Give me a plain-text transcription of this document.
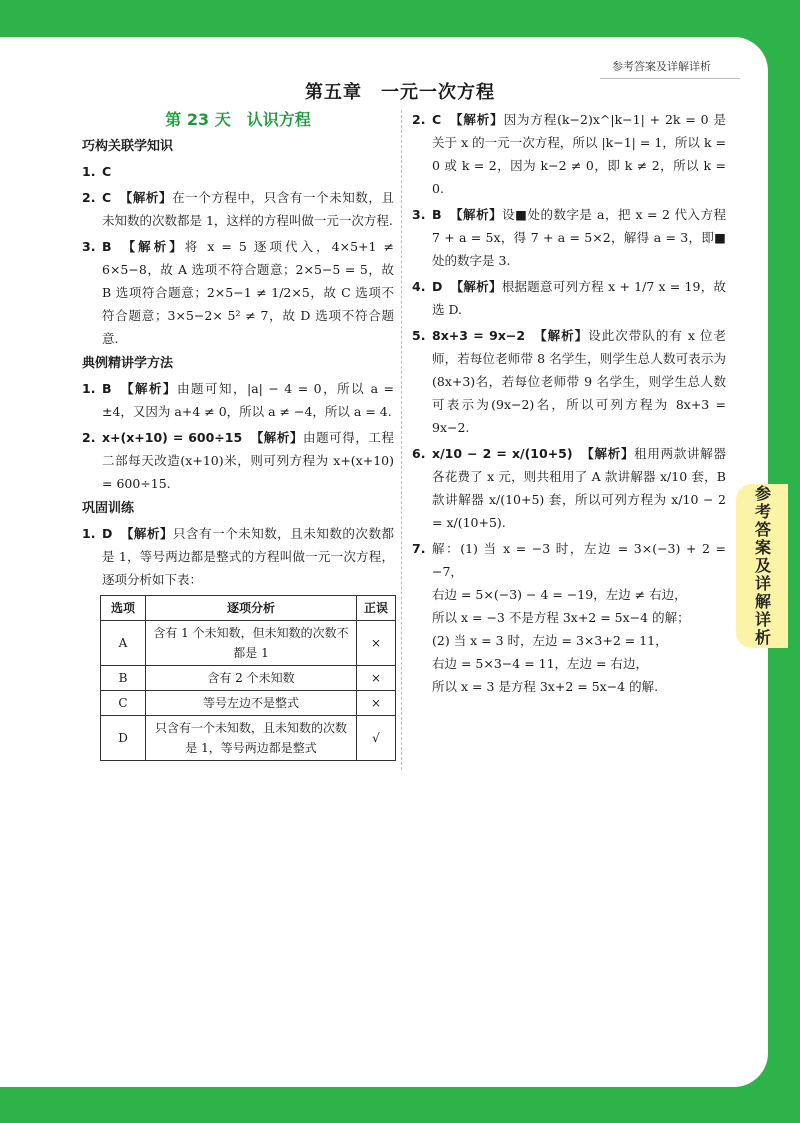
参考答案及详解详析
第五章　一元一次方程
第 23 天　认识方程
巧构关联学知识
1. C
2. C 【解析】在一个方程中，只含有一个未知数，且未知数的次数都是 1，这样的方程叫做一元一次方程.
3. B 【解析】将 x = 5 逐项代入，4×5+1 ≠ 6×5−8，故 A 选项不符合题意；2×5−5 = 5，故 B 选项符合题意；2×5−1 ≠ 1/2×5，故 C 选项不符合题意；3×5−2× 5² ≠ 7，故 D 选项不符合题意.
典例精讲学方法
1. B 【解析】由题可知，|a| − 4 = 0，所以 a = ±4，又因为 a+4 ≠ 0，所以 a ≠ −4，所以 a = 4.
2. x+(x+10) = 600÷15 【解析】由题可得，工程二部每天改造(x+10)米，则可列方程为 x+(x+10) = 600÷15.
巩固训练
1. D 【解析】只含有一个未知数，且未知数的次数都是 1，等号两边都是整式的方程叫做一元一次方程，逐项分析如下表：
选项	逐项分析	正误
A	含有 1 个未知数，但未知数的次数不都是 1	×
B	含有 2 个未知数	×
C	等号左边不是整式	×
D	只含有一个未知数，且未知数的次数是 1，等号两边都是整式	√
2. C 【解析】因为方程(k−2)x^|k−1| + 2k = 0 是关于 x 的一元一次方程，所以 |k−1| = 1，所以 k = 0 或 k = 2，因为 k−2 ≠ 0，即 k ≠ 2，所以 k = 0.
3. B 【解析】设■处的数字是 a，把 x = 2 代入方程 7 + a = 5x，得 7 + a = 5×2，解得 a = 3，即■处的数字是 3.
4. D 【解析】根据题意可列方程 x + 1/7 x = 19，故选 D.
5. 8x+3 = 9x−2 【解析】设此次带队的有 x 位老师，若每位老师带 8 名学生，则学生总人数可表示为(8x+3)名，若每位老师带 9 名学生，则学生总人数可表示为(9x−2)名，所以可列方程为 8x+3 = 9x−2.
6. x/10 − 2 = x/(10+5) 【解析】租用两款讲解器各花费了 x 元，则共租用了 A 款讲解器 x/10 套，B 款讲解器 x/(10+5) 套，所以可列方程为 x/10 − 2 = x/(10+5).
7. 解：(1) 当 x = −3 时，左边 = 3×(−3) + 2 = −7，
右边 = 5×(−3) − 4 = −19，左边 ≠ 右边，
所以 x = −3 不是方程 3x+2 = 5x−4 的解；
(2) 当 x = 3 时，左边 = 3×3+2 = 11，
右边 = 5×3−4 = 11，左边 = 右边，
所以 x = 3 是方程 3x+2 = 5x−4 的解.
参考答案及详解详析
